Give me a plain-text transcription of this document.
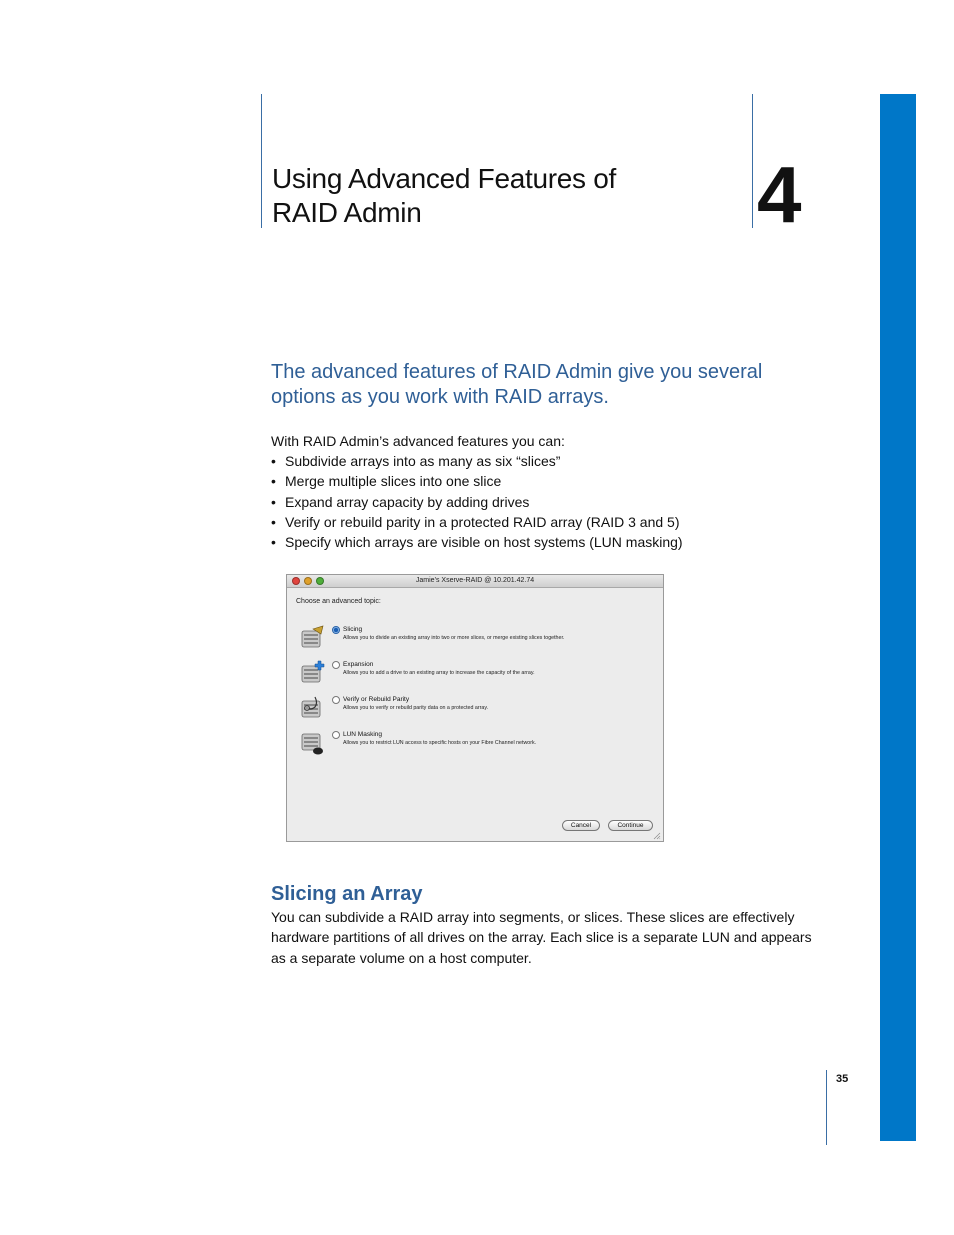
Using Advanced Features of
RAID Admin	4

The advanced features of RAID Admin give you several options as you work with RAID arrays.

With RAID Admin’s advanced features you can:

• Subdivide arrays into as many as six “slices”
• Merge multiple slices into one slice
• Expand array capacity by adding drives
• Verify or rebuild parity in a protected RAID array (RAID 3 and 5)
• Specify which arrays are visible on host systems (LUN masking)
Jamie’s Xserve-RAID @ 10.201.42.74
Choose an advanced topic:
Slicing
Allows you to divide an existing array into two or more slices, or merge existing slices together.
Expansion
Allows you to add a drive to an existing array to increase the capacity of the array.
Verify or Rebuild Parity
Allows you to verify or rebuild parity data on a protected array.
LUN Masking
Allows you to restrict LUN access to specific hosts on your Fibre Channel network.
Cancel	Continue
Slicing an Array

You can subdivide a RAID array into segments, or slices. These slices are effectively

hardware partitions of all drives on the array. Each slice is a separate LUN and appears

as a separate volume on a host computer.

35
